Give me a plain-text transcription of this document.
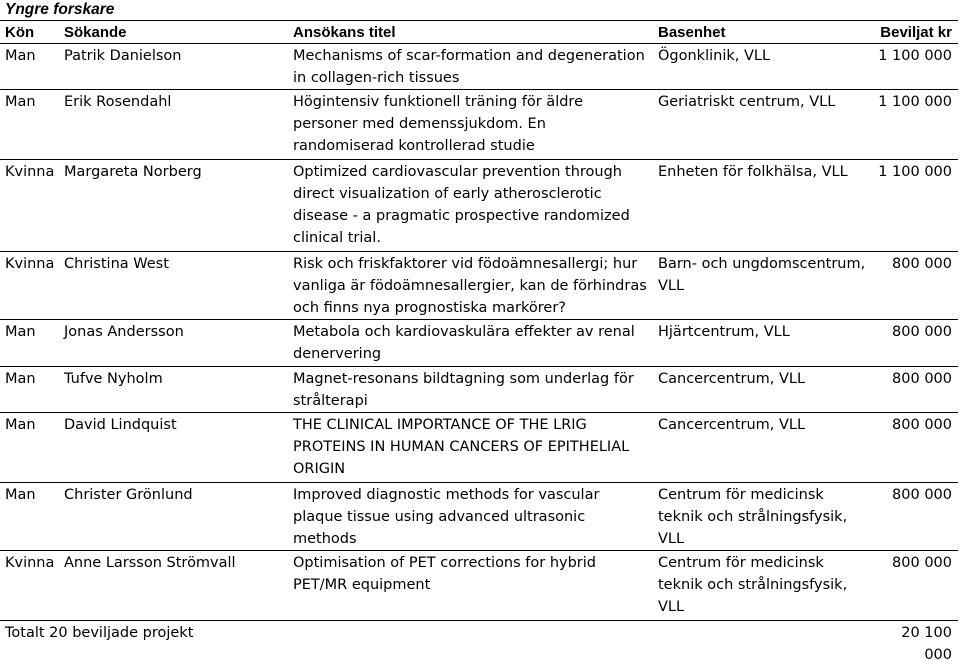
Yngre forskare
Kön	Sökande	Ansökans titel	Basenhet	Beviljat kr
Man	Patrik Danielson	Mechanisms of scar-formation and degeneration in collagen-rich tissues	Ögonklinik, VLL	1 100 000
Man	Erik Rosendahl	Högintensiv funktionell träning för äldre personer med demenssjukdom. En randomiserad kontrollerad studie	Geriatriskt centrum, VLL	1 100 000
Kvinna	Margareta Norberg	Optimized cardiovascular prevention through direct visualization of early atherosclerotic disease - a pragmatic prospective randomized clinical trial.	Enheten för folkhälsa, VLL	1 100 000
Kvinna	Christina West	Risk och friskfaktorer vid födoämnesallergi; hur vanliga är födoämnesallergier, kan de förhindras och finns nya prognostiska markörer?	Barn- och ungdomscentrum, VLL	800 000
Man	Jonas Andersson	Metabola och kardiovaskulära effekter av renal denervering	Hjärtcentrum, VLL	800 000
Man	Tufve Nyholm	Magnet-resonans bildtagning som underlag för strålterapi	Cancercentrum, VLL	800 000
Man	David Lindquist	THE CLINICAL IMPORTANCE OF THE LRIG PROTEINS IN HUMAN CANCERS OF EPITHELIAL ORIGIN	Cancercentrum, VLL	800 000
Man	Christer Grönlund	Improved diagnostic methods for vascular plaque tissue using advanced ultrasonic methods	Centrum för medicinsk teknik och strålningsfysik, VLL	800 000
Kvinna	Anne Larsson Strömvall	Optimisation of PET corrections for hybrid PET/MR equipment	Centrum för medicinsk teknik och strålningsfysik, VLL	800 000
Totalt 20 beviljade projekt				20 100 000
